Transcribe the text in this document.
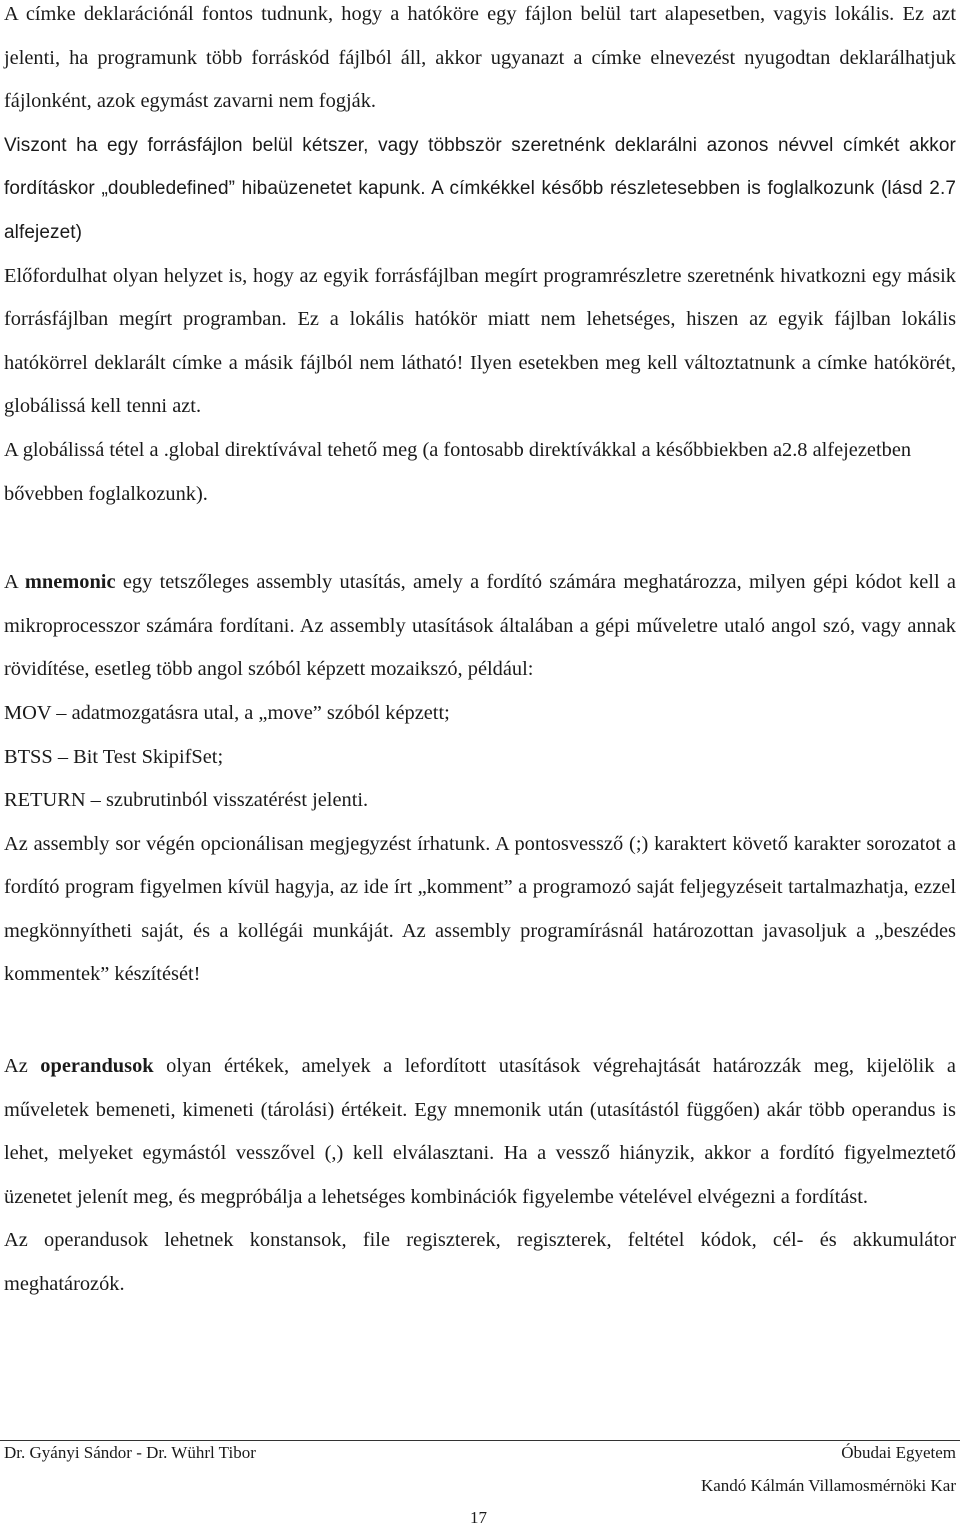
A címke deklarációnál fontos tudnunk, hogy a hatóköre egy fájlon belül tart alapesetben, vagyis lokális. Ez azt jelenti, ha programunk több forráskód fájlból áll, akkor ugyanazt a címke elnevezést nyugodtan deklarálhatjuk fájlonként, azok egymást zavarni nem fogják.

Viszont ha egy forrásfájlon belül kétszer, vagy többször szeretnénk deklarálni azonos névvel címkét akkor fordításkor „doubledefined” hibaüzenetet kapunk. A címkékkel később részletesebben is foglalkozunk (lásd 2.7 alfejezet)

Előfordulhat olyan helyzet is, hogy az egyik forrásfájlban megírt programrészletre szeretnénk hivatkozni egy másik forrásfájlban megírt programban. Ez a lokális hatókör miatt nem lehetséges, hiszen az egyik fájlban lokális hatókörrel deklarált címke a másik fájlból nem látható! Ilyen esetekben meg kell változtatnunk a címke hatókörét, globálissá kell tenni azt.

A globálissá tétel a .global direktívával tehető meg (a fontosabb direktívákkal a későbbiekben a2.8 alfejezetben bővebben foglalkozunk).

A mnemonic egy tetszőleges assembly utasítás, amely a fordító számára meghatározza, milyen gépi kódot kell a mikroprocesszor számára fordítani. Az assembly utasítások általában a gépi műveletre utaló angol szó, vagy annak rövidítése, esetleg több angol szóból képzett mozaikszó, például:

MOV – adatmozgatásra utal, a „move” szóból képzett;

BTSS – Bit Test SkipifSet;

RETURN – szubrutinból visszatérést jelenti.

Az assembly sor végén opcionálisan megjegyzést írhatunk. A pontosvessző (;) karaktert követő karakter sorozatot a fordító program figyelmen kívül hagyja, az ide írt „komment” a programozó saját feljegyzéseit tartalmazhatja, ezzel megkönnyítheti saját, és a kollégái munkáját. Az assembly programírásnál határozottan javasoljuk a „beszédes kommentek” készítését!

Az operandusok olyan értékek, amelyek a lefordított utasítások végrehajtását határozzák meg, kijelölik a műveletek bemeneti, kimeneti (tárolási) értékeit. Egy mnemonik után (utasítástól függően) akár több operandus is lehet, melyeket egymástól vesszővel (,) kell elválasztani. Ha a vessző hiányzik, akkor a fordító figyelmeztető üzenetet jelenít meg, és megpróbálja a lehetséges kombinációk figyelembe vételével elvégezni a fordítást.

Az operandusok lehetnek konstansok, file regiszterek, regiszterek, feltétel kódok, cél- és akkumulátor meghatározók.

Dr. Gyányi Sándor - Dr. Wührl Tibor	Óbudai Egyetem
Kandó Kálmán Villamosmérnöki Kar
17
